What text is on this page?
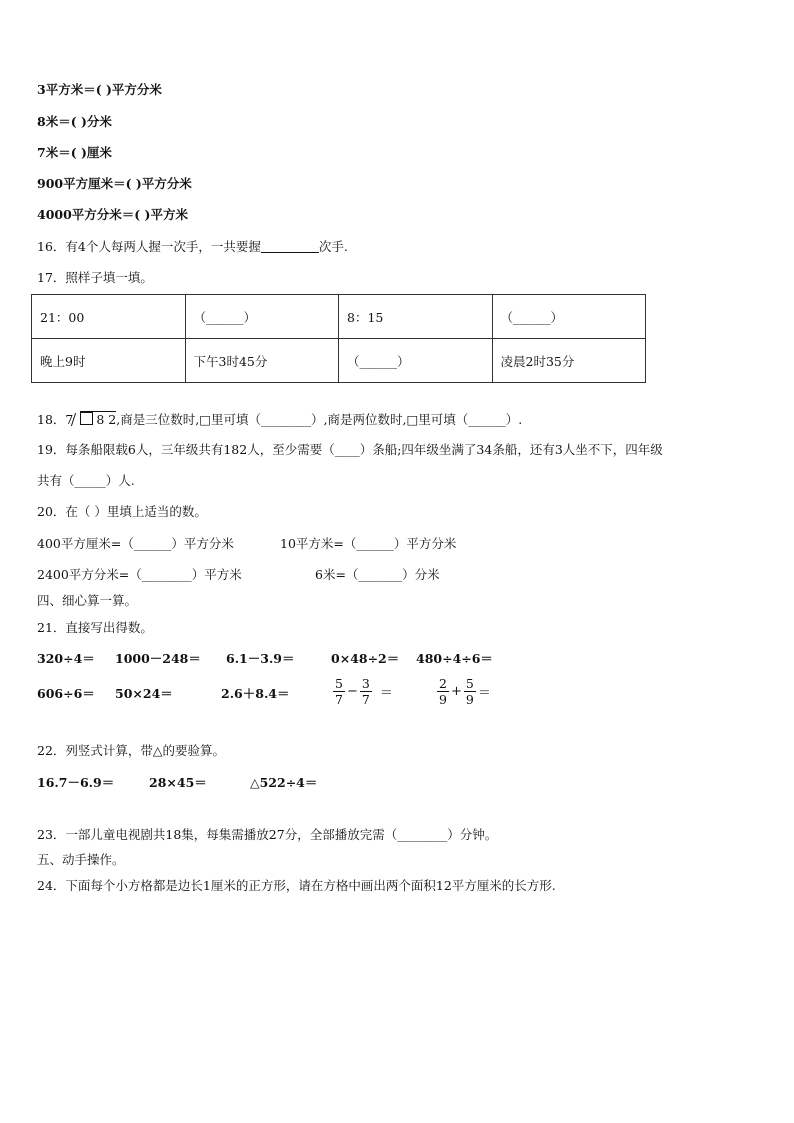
3平方米＝( )平方分米
8米＝( )分米
7米＝( )厘米
900平方厘米＝( )平方分米
4000平方分米＝( )平方米
16．有4个人每两人握一次手，一共要握	次手.
17．照样子填一填。
21：00	（______）	8：15	（______）
晚上9时	下午3时45分	（______）	凌晨2时35分
18．7 8 2,商是三位数时,□里可填（________）,商是两位数时,□里可填（______）.
19．每条船限载6人，三年级共有182人，至少需要（____）条船;四年级坐满了34条船，还有3人坐不下，四年级
共有（_____）人.
20．在（ ）里填上适当的数。
400平方厘米=（______）平方分米	10平方米=（______）平方分米
2400平方分米=（________）平方米	6米=（_______）分米
四、细心算一算。
21．直接写出得数。
320÷4＝ 1000－248＝ 6.1－3.9＝	0×48÷2＝ 480÷4÷6＝
606÷6＝ 50×24＝	2.6＋8.4＝	$\frac{5}{7} - \frac{3}{7}$ ＝	$\frac{2}{9} + \frac{5}{9}$ ＝
22．列竖式计算，带△的要验算。
16.7－6.9＝	28×45＝	△522÷4＝
23．一部儿童电视剧共18集，每集需播放27分，全部播放完需（________）分钟。
五、动手操作。
24．下面每个小方格都是边长1厘米的正方形，请在方格中画出两个面积12平方厘米的长方形.
